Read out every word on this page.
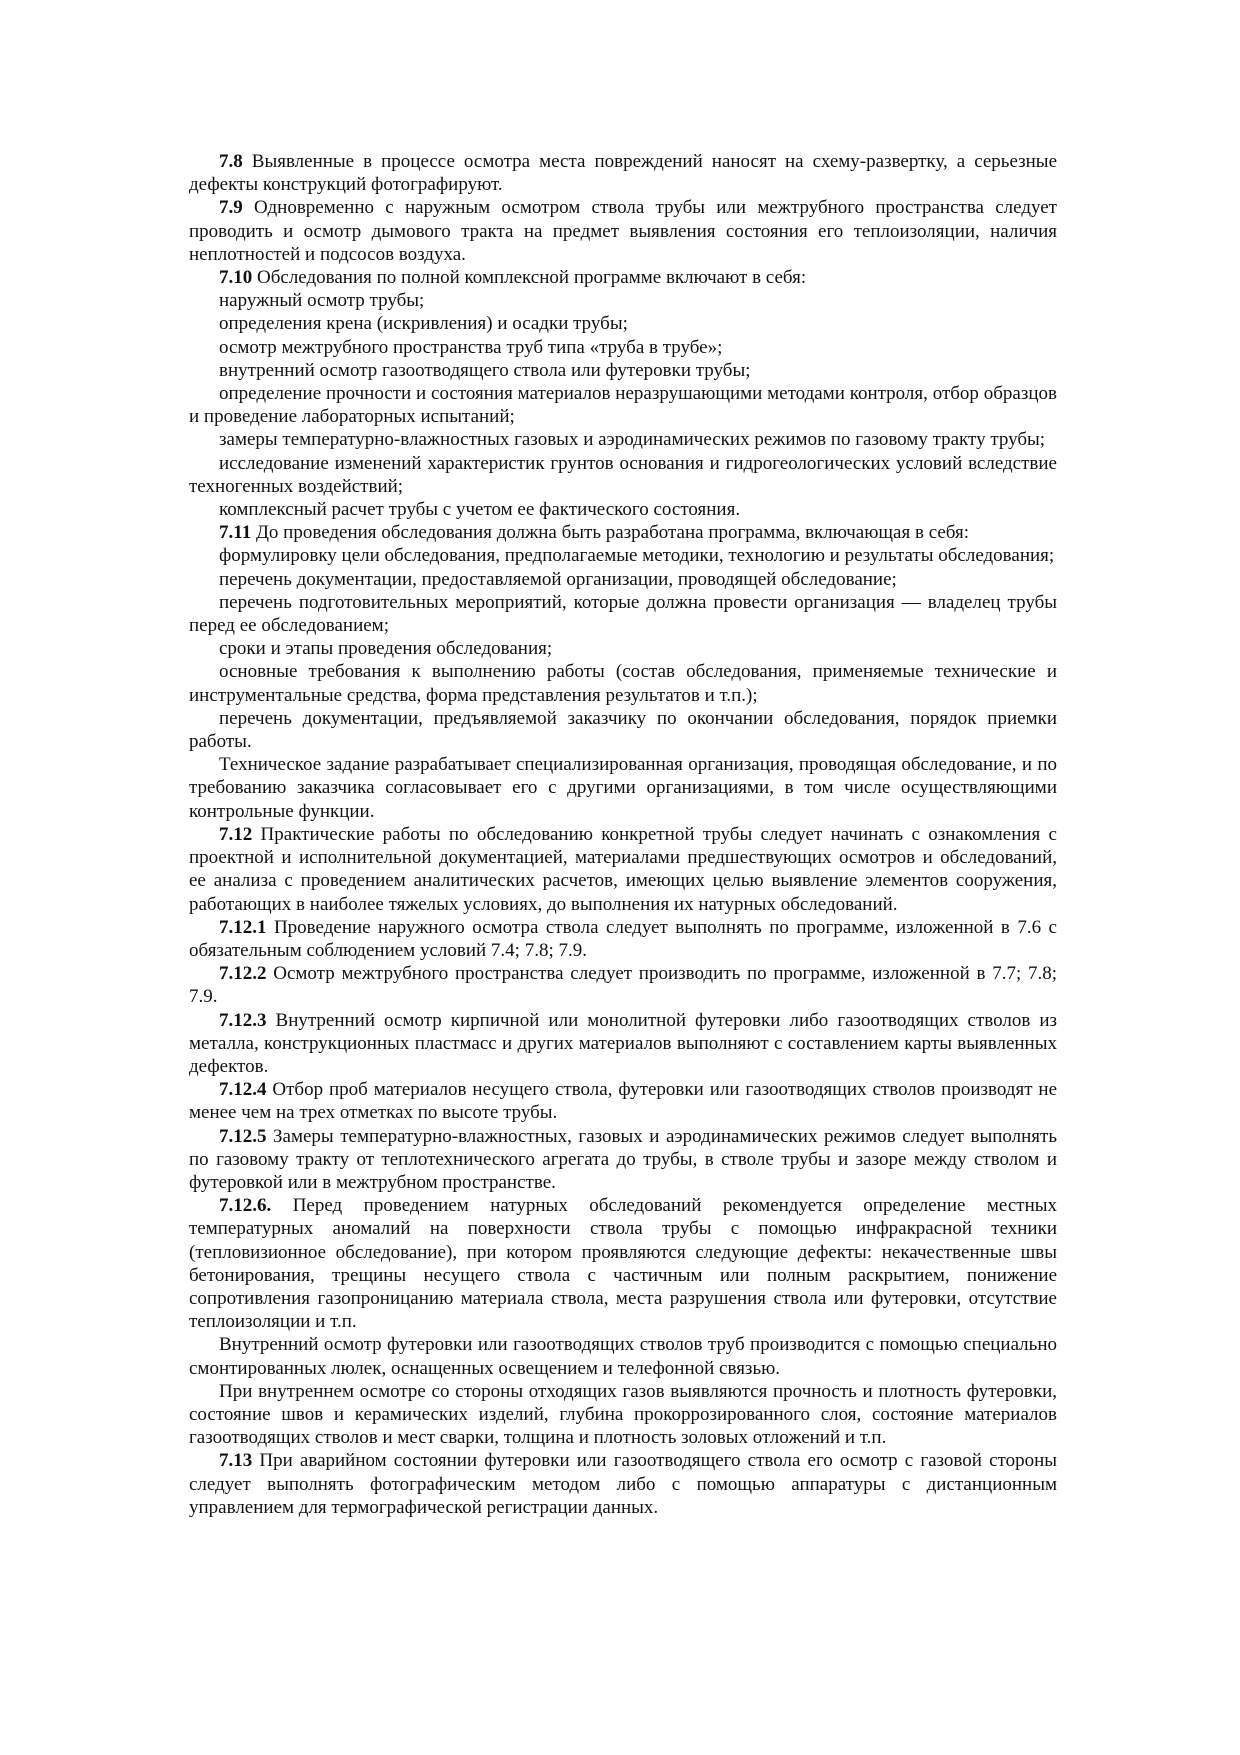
7.8 Выявленные в процессе осмотра места повреждений наносят на схему-развертку, а серьезные дефекты конструкций фотографируют.

7.9 Одновременно с наружным осмотром ствола трубы или межтрубного пространства следует проводить и осмотр дымового тракта на предмет выявления состояния его теплоизоляции, наличия неплотностей и подсосов воздуха.

7.10 Обследования по полной комплексной программе включают в себя:

наружный осмотр трубы;

определения крена (искривления) и осадки трубы;

осмотр межтрубного пространства труб типа «труба в трубе»;

внутренний осмотр газоотводящего ствола или футеровки трубы;

определение прочности и состояния материалов неразрушающими методами контроля, отбор образцов и проведение лабораторных испытаний;

замеры температурно-влажностных газовых и аэродинамических режимов по газовому тракту трубы;

исследование изменений характеристик грунтов основания и гидрогеологических условий вследствие техногенных воздействий;

комплексный расчет трубы с учетом ее фактического состояния.

7.11 До проведения обследования должна быть разработана программа, включающая в себя:

формулировку цели обследования, предполагаемые методики, технологию и результаты обследования;

перечень документации, предоставляемой организации, проводящей обследование;

перечень подготовительных мероприятий, которые должна провести организация — владелец трубы перед ее обследованием;

сроки и этапы проведения обследования;

основные требования к выполнению работы (состав обследования, применяемые технические и инструментальные средства, форма представления результатов и т.п.);

перечень документации, предъявляемой заказчику по окончании обследования, порядок приемки работы.

Техническое задание разрабатывает специализированная организация, проводящая обследование, и по требованию заказчика согласовывает его с другими организациями, в том числе осуществляющими контрольные функции.

7.12 Практические работы по обследованию конкретной трубы следует начинать с ознакомления с проектной и исполнительной документацией, материалами предшествующих осмотров и обследований, ее анализа с проведением аналитических расчетов, имеющих целью выявление элементов сооружения, работающих в наиболее тяжелых условиях, до выполнения их натурных обследований.

7.12.1 Проведение наружного осмотра ствола следует выполнять по программе, изложенной в 7.6 с обязательным соблюдением условий 7.4; 7.8; 7.9.

7.12.2 Осмотр межтрубного пространства следует производить по программе, изложенной в 7.7; 7.8; 7.9.

7.12.3 Внутренний осмотр кирпичной или монолитной футеровки либо газоотводящих стволов из металла, конструкционных пластмасс и других материалов выполняют с составлением карты выявленных дефектов.

7.12.4 Отбор проб материалов несущего ствола, футеровки или газоотводящих стволов производят не менее чем на трех отметках по высоте трубы.

7.12.5 Замеры температурно-влажностных, газовых и аэродинамических режимов следует выполнять по газовому тракту от теплотехнического агрегата до трубы, в стволе трубы и зазоре между стволом и футеровкой или в межтрубном пространстве.

7.12.6. Перед проведением натурных обследований рекомендуется определение местных температурных аномалий на поверхности ствола трубы с помощью инфракрасной техники (тепловизионное обследование), при котором проявляются следующие дефекты: некачественные швы бетонирования, трещины несущего ствола с частичным или полным раскрытием, понижение сопротивления газопроницанию материала ствола, места разрушения ствола или футеровки, отсутствие теплоизоляции и т.п.

Внутренний осмотр футеровки или газоотводящих стволов труб производится с помощью специально смонтированных люлек, оснащенных освещением и телефонной связью.

При внутреннем осмотре со стороны отходящих газов выявляются прочность и плотность футеровки, состояние швов и керамических изделий, глубина прокоррозированного слоя, состояние материалов газоотводящих стволов и мест сварки, толщина и плотность золовых отложений и т.п.

7.13 При аварийном состоянии футеровки или газоотводящего ствола его осмотр с газовой стороны следует выполнять фотографическим методом либо с помощью аппаратуры с дистанционным управлением для термографической регистрации данных.
